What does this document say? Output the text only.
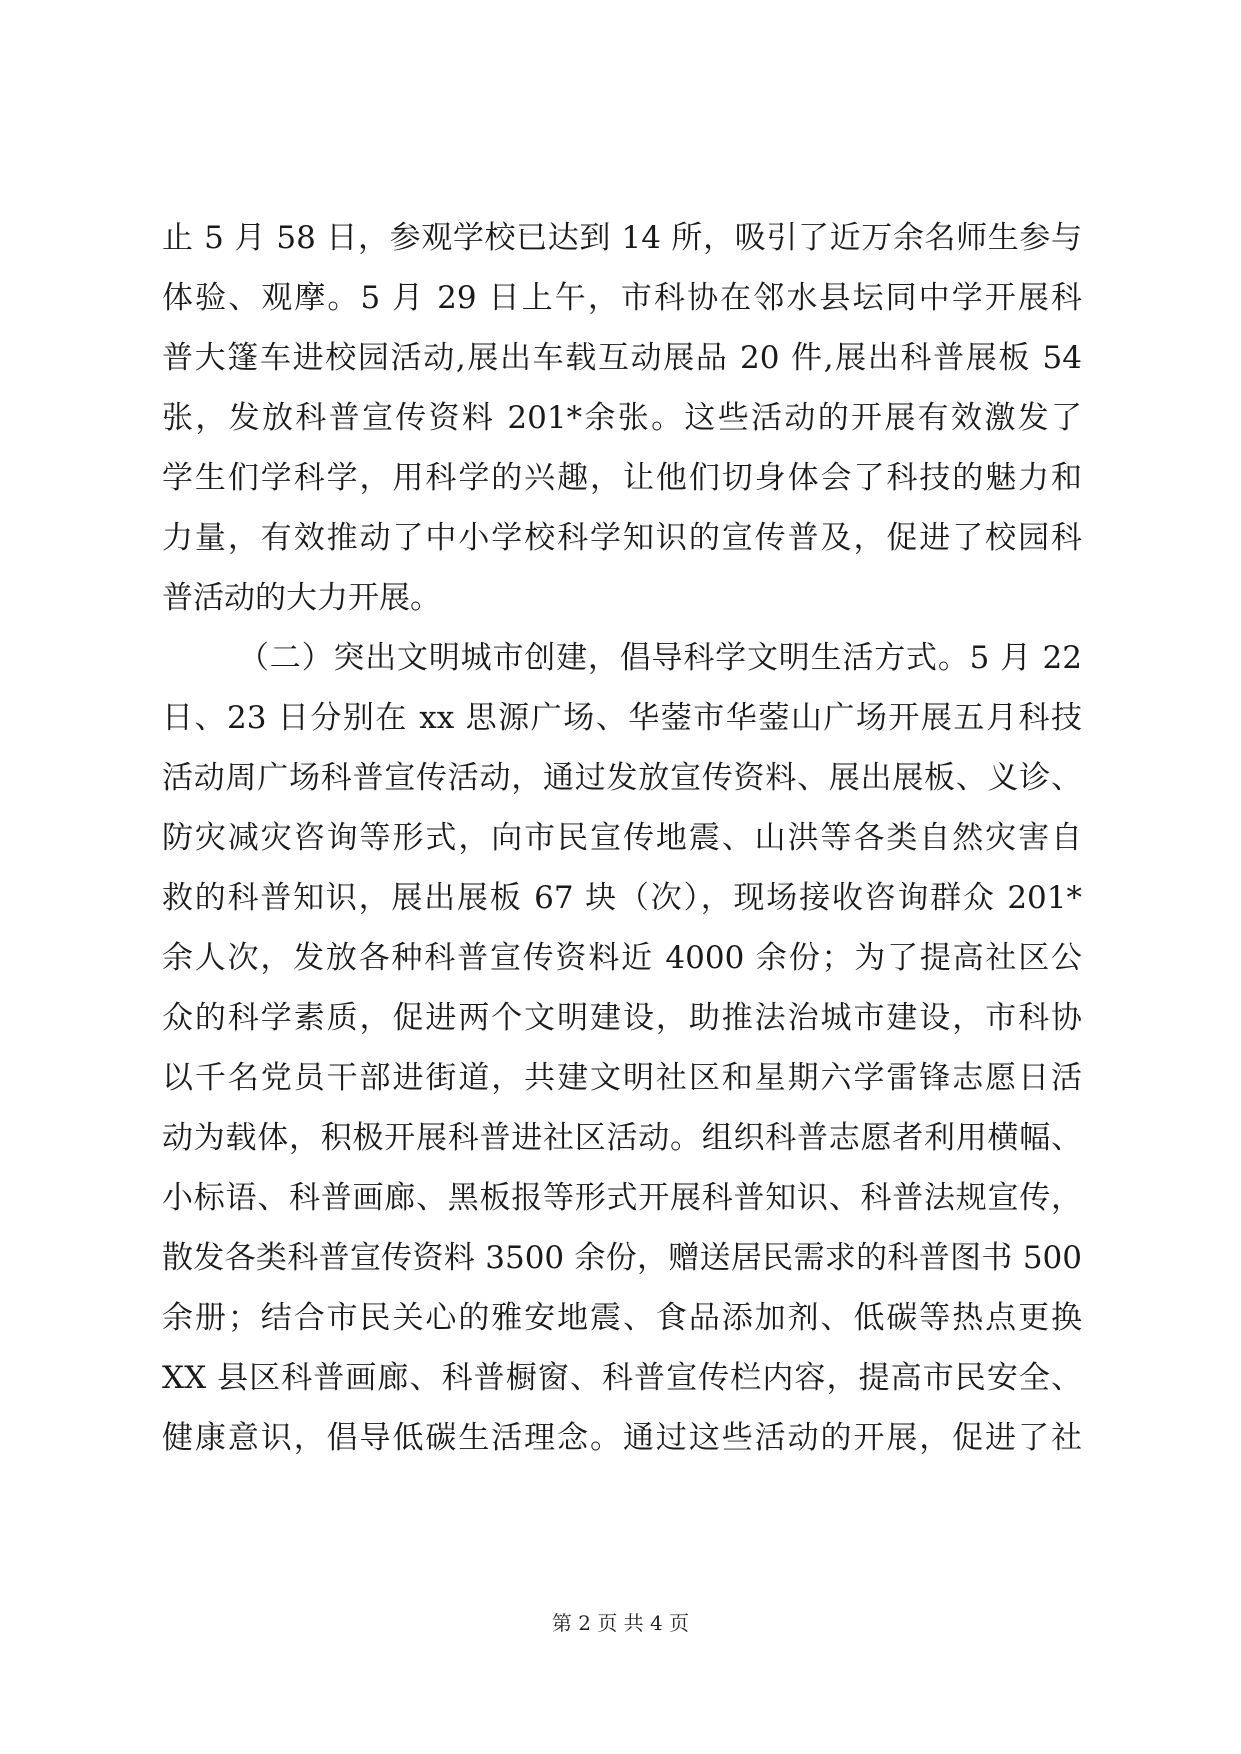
止 5 月 58 日，参观学校已达到 14 所，吸引了近万余名师生参与
体验、观摩。5 月 29 日上午，市科协在邻水县坛同中学开展科
普大篷车进校园活动,展出车载互动展品 20 件,展出科普展板 54
张，发放科普宣传资料 201*余张。这些活动的开展有效激发了
学生们学科学，用科学的兴趣，让他们切身体会了科技的魅力和
力量，有效推动了中小学校科学知识的宣传普及，促进了校园科
普活动的大力开展。
（二）突出文明城市创建，倡导科学文明生活方式。5 月 22
日、23 日分别在 xx 思源广场、华蓥市华蓥山广场开展五月科技
活动周广场科普宣传活动，通过发放宣传资料、展出展板、义诊、
防灾减灾咨询等形式，向市民宣传地震、山洪等各类自然灾害自
救的科普知识，展出展板 67 块（次），现场接收咨询群众 201*
余人次，发放各种科普宣传资料近 4000 余份；为了提高社区公
众的科学素质，促进两个文明建设，助推法治城市建设，市科协
以千名党员干部进街道，共建文明社区和星期六学雷锋志愿日活
动为载体，积极开展科普进社区活动。组织科普志愿者利用横幅、
小标语、科普画廊、黑板报等形式开展科普知识、科普法规宣传，
散发各类科普宣传资料 3500 余份，赠送居民需求的科普图书 500
余册；结合市民关心的雅安地震、食品添加剂、低碳等热点更换
XX 县区科普画廊、科普橱窗、科普宣传栏内容，提高市民安全、
健康意识，倡导低碳生活理念。通过这些活动的开展，促进了社
第 2 页 共 4 页
